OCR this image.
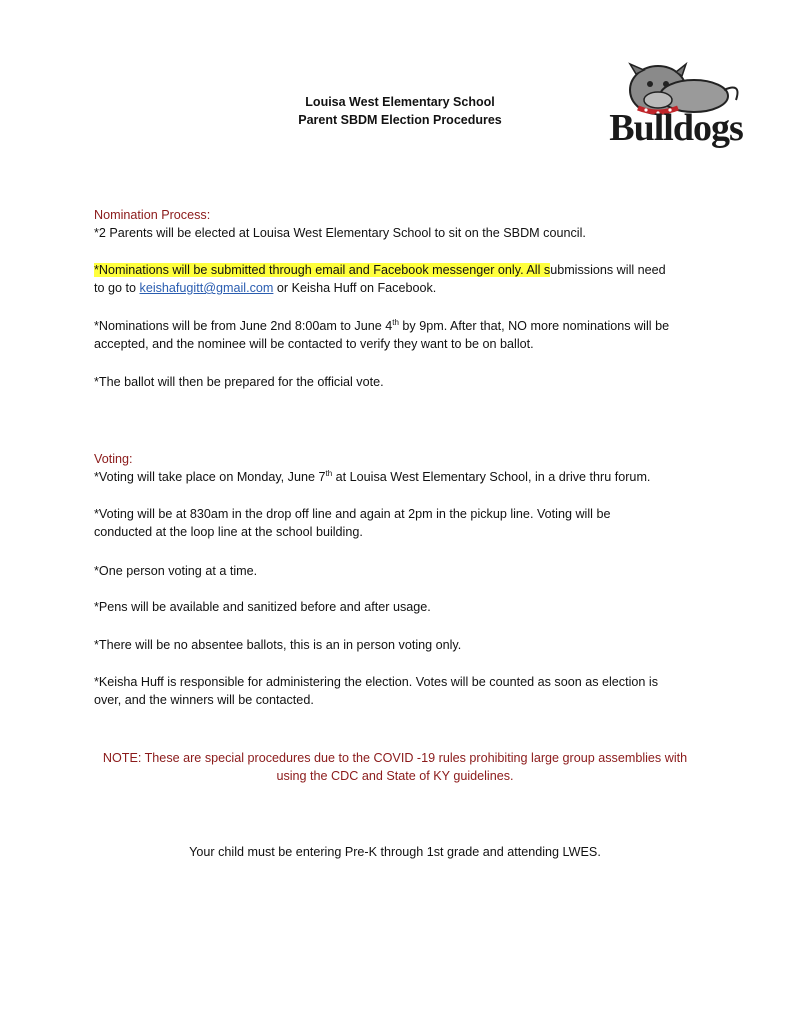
Louisa West Elementary School
Parent SBDM Election Procedures	Bulldogs

Nomination Process:

*2 Parents will be elected at Louisa West Elementary School to sit on the SBDM council.

*Nominations will be submitted through email and Facebook messenger only. All submissions will need
to go to keishafugitt@gmail.com or Keisha Huff on Facebook.

*Nominations will be from June 2nd 8:00am to June 4th by 9pm. After that, NO more nominations will be
accepted, and the nominee will be contacted to verify they want to be on ballot.

*The ballot will then be prepared for the official vote.

Voting:

*Voting will take place on Monday, June 7th at Louisa West Elementary School, in a drive thru forum.

*Voting will be at 830am in the drop off line and again at 2pm in the pickup line. Voting will be
conducted at the loop line at the school building.

*One person voting at a time.

*Pens will be available and sanitized before and after usage.

*There will be no absentee ballots, this is an in person voting only.

*Keisha Huff is responsible for administering the election. Votes will be counted as soon as election is
over, and the winners will be contacted.

NOTE: These are special procedures due to the COVID -19 rules prohibiting large group assemblies with
using the CDC and State of KY guidelines.
Your child must be entering Pre-K through 1st grade and attending LWES.
